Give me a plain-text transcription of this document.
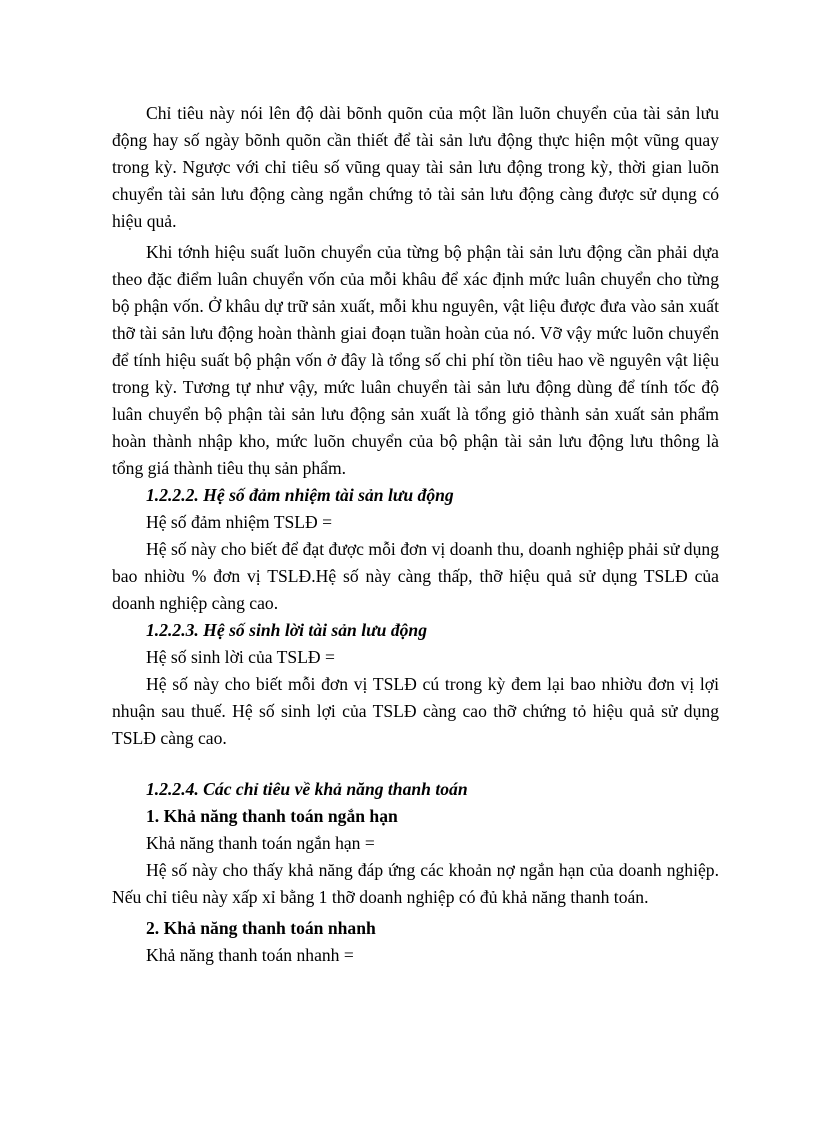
Chỉ tiêu này nói lên độ dài bõnh quõn của một lần luõn chuyển của tài sản lưu động hay số ngày bõnh quõn cần thiết để tài sản lưu động thực hiện một vũng quay trong kỳ. Ngược với chỉ tiêu số vũng quay tài sản lưu động trong kỳ, thời gian luõn chuyển tài sản lưu động càng ngắn chứng tỏ tài sản lưu động càng được sử dụng có hiệu quả.

Khi tớnh hiệu suất luõn chuyển của từng bộ phận tài sản lưu động cần phải dựa theo đặc điểm luân chuyển vốn của mỗi khâu để xác định mức luân chuyển cho từng bộ phận vốn. Ở khâu dự trữ sản xuất, mỗi khu nguyên, vật liệu được đưa vào sản xuất thỡ tài sản lưu động hoàn thành giai đoạn tuần hoàn của nó. Vỡ vậy mức luõn chuyển để tính hiệu suất bộ phận vốn ở đây là tổng số chi phí tồn tiêu hao về nguyên vật liệu trong kỳ. Tương tự như vậy, mức luân chuyển tài sản lưu động dùng để tính tốc độ luân chuyển bộ phận tài sản lưu động sản xuất là tổng giỏ thành sản xuất sản phẩm hoàn thành nhập kho, mức luõn chuyển của bộ phận tài sản lưu động lưu thông là tổng giá thành tiêu thụ sản phẩm.

1.2.2.2. Hệ số đảm nhiệm tài sản lưu động

Hệ số đảm nhiệm TSLĐ =

Hệ số này cho biết để đạt được mỗi đơn vị doanh thu, doanh nghiệp phải sử dụng bao nhiờu % đơn vị TSLĐ.Hệ số này càng thấp, thỡ hiệu quả sử dụng TSLĐ của doanh nghiệp càng cao.

1.2.2.3. Hệ số sinh lời tài sản lưu động

Hệ số sinh lời của TSLĐ =

Hệ số này cho biết mỗi đơn vị TSLĐ cú trong kỳ đem lại bao nhiờu đơn vị lợi nhuận sau thuế. Hệ số sinh lợi của TSLĐ càng cao thỡ chứng tỏ hiệu quả sử dụng TSLĐ càng cao.

1.2.2.4. Các chỉ tiêu về khả năng thanh toán

1. Khả năng thanh toán ngắn hạn

Khả năng thanh toán ngắn hạn =

Hệ số này cho thấy khả năng đáp ứng các khoản nợ ngắn hạn của doanh nghiệp. Nếu chỉ tiêu này xấp xỉ bằng 1 thỡ doanh nghiệp có đủ khả năng thanh toán.

2. Khả năng thanh toán nhanh

Khả năng thanh toán nhanh =
